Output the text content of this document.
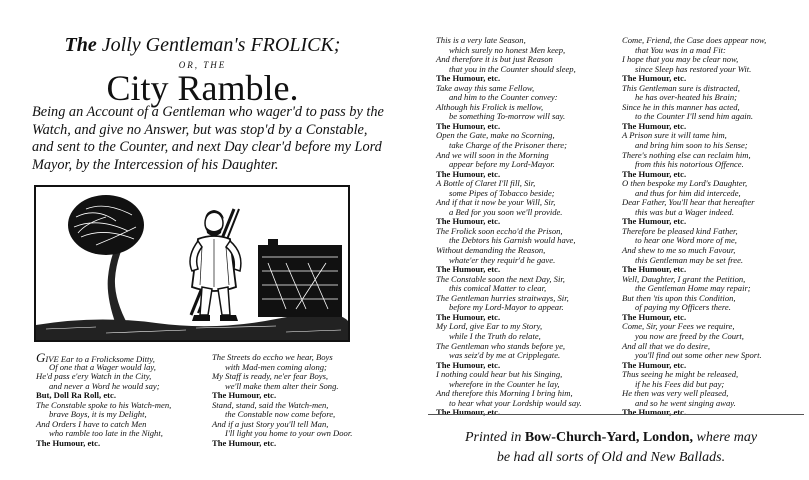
The Jolly Gentleman's FROLICK;
OR, THE
City Ramble.
Being an Account of a Gentleman who wager'd to pass by the Watch, and give no Answer, but was stop'd by a Constable, and sent to the Counter, and next Day clear'd before my Lord Mayor, by the Intercession of his Daughter.
GIVE Ear to a Frolicksome Ditty,
Of one that a Wager would lay,
He'd pass e'ery Watch in the City,
and never a Word he would say;
But, Doll Ra Roll, etc.
The Constable spoke to his Watch-men,
brave Boys, it is my Delight,
And Orders I have to catch Men
who ramble too late in the Night,
The Humour, etc.
The Streets do eccho we hear, Boys
with Mad-men coming along;
My Staff is ready, ne'er fear Boys,
we'll make them alter their Song.
The Humour, etc.
Stand, stand, said the Watch-men,
the Constable now come before,
And if a just Story you'll tell Man,
I'll light you home to your own Door.
The Humour, etc.
This is a very late Season,
which surely no honest Men keep,
And therefore it is but just Reason
that you in the Counter should sleep,
The Humour, etc.
Take away this same Fellow,
and him to the Counter convey:
Although his Frolick is mellow,
be something To-morrow will say.
The Humour, etc.
Open the Gate, make no Scorning,
take Charge of the Prisoner there;
And we will soon in the Morning
appear before my Lord-Mayor.
The Humour, etc.
A Bottle of Claret I'll fill, Sir,
some Pipes of Tobacco beside;
And if that it now be your Will, Sir,
a Bed for you soon we'll provide.
The Humour, etc.
The Frolick soon eccho'd the Prison,
the Debtors his Garnish would have,
Without demanding the Reason,
whate'er they requir'd he gave.
The Humour, etc.
The Constable soon the next Day, Sir,
this comical Matter to clear,
The Gentleman hurries straitways, Sir,
before my Lord-Mayor to appear.
The Humour, etc.
My Lord, give Ear to my Story,
while I the Truth do relate,
The Gentleman who stands before ye,
was seiz'd by me at Cripplegate.
The Humour, etc.
I nothing could hear but his Singing,
wherefore in the Counter he lay,
And therefore this Morning I bring him,
to hear what your Lordship would say.
The Humour, etc.
Come, Friend, the Case does appear now,
that You was in a mad Fit:
I hope that you may be clear now,
since Sleep has restored your Wit.
The Humour, etc.
This Gentleman sure is distracted,
he has over-heated his Brain;
Since he in this manner has acted,
to the Counter I'll send him again.
The Humour, etc.
A Prison sure it will tame him,
and bring him soon to his Sense;
There's nothing else can reclaim him,
from this his notorious Offence.
The Humour, etc.
O then bespoke my Lord's Daughter,
and thus for him did intercede,
Dear Father, You'll hear that hereafter
this was but a Wager indeed.
The Humour, etc.
Therefore be pleased kind Father,
to hear one Word more of me,
And shew to me so much Favour,
this Gentleman may be set free.
The Humour, etc.
Well, Daughter, I grant the Petition,
the Gentleman Home may repair;
But then 'tis upon this Condition,
of paying my Officers there.
The Humour, etc.
Come, Sir, your Fees we require,
you now are freed by the Court,
And all that we do desire,
you'll find out some other new Sport.
The Humour, etc.
Thus seeing he might be released,
if he his Fees did but pay;
He then was very well pleased,
and so he went singing away.
The Humour, etc.
Printed in Bow-Church-Yard, London, where may
be had all sorts of Old and New Ballads.
